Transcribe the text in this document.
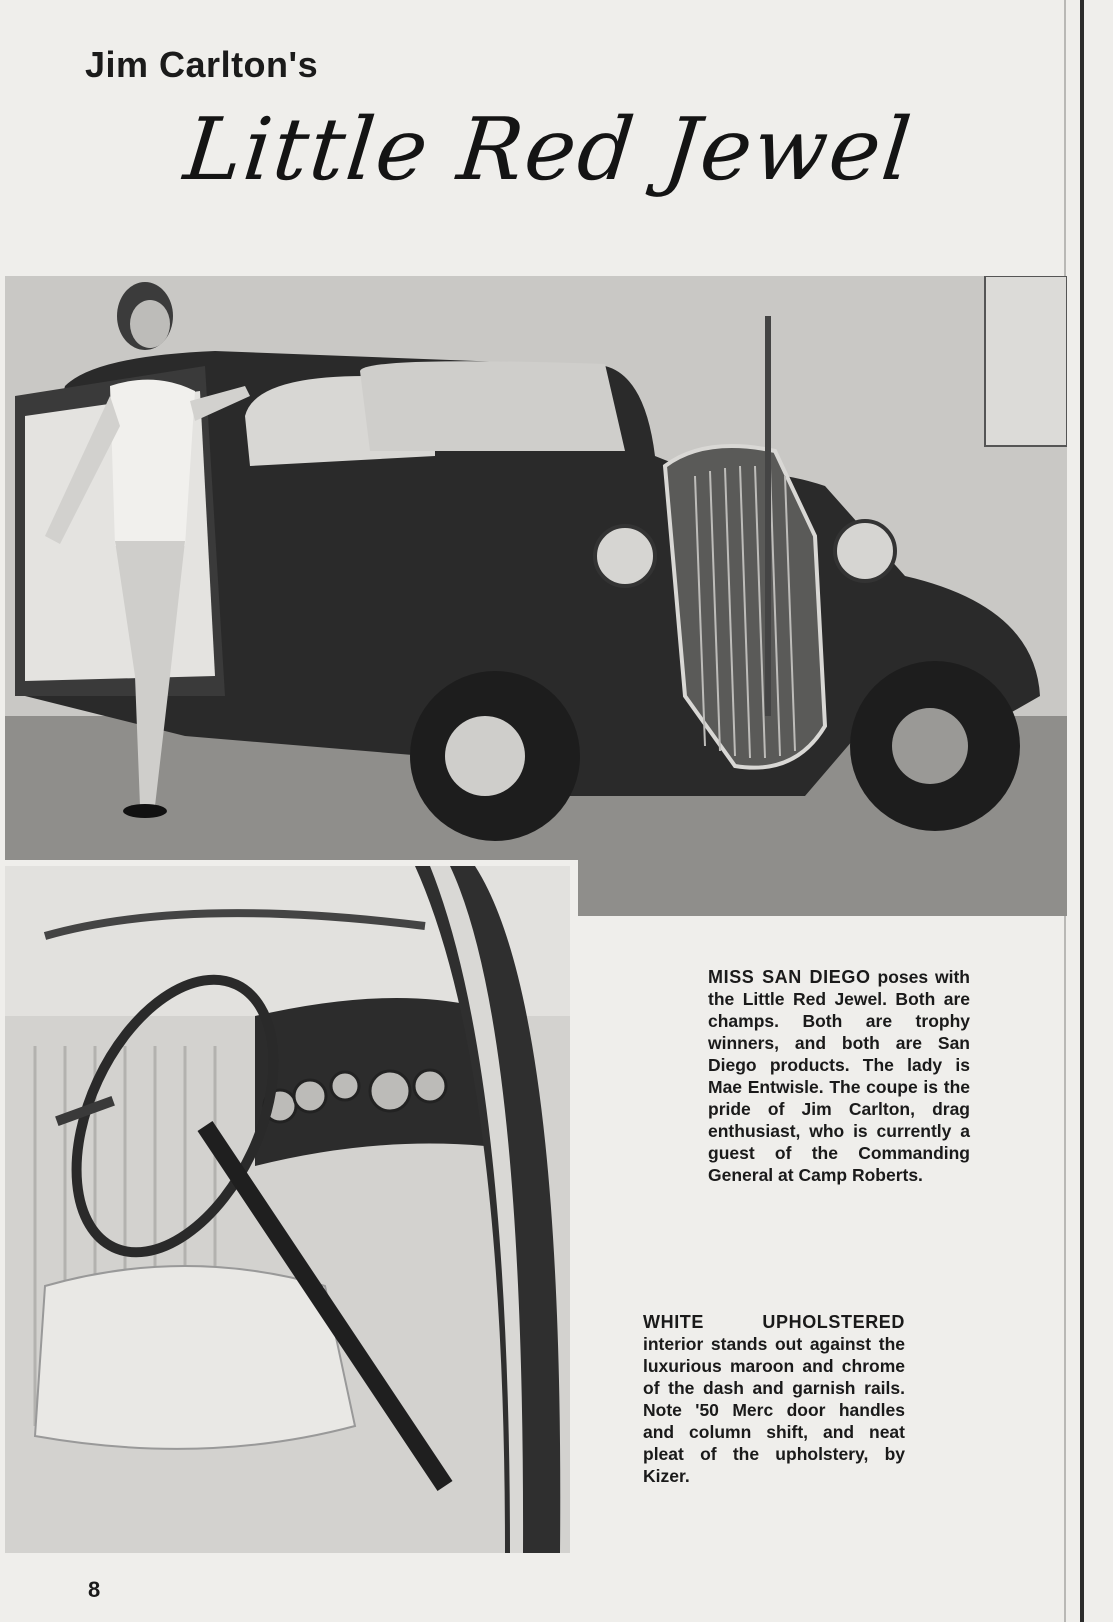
Jim Carlton's
Little Red Jewel
MISS SAN DIEGO poses with the Little Red Jewel. Both are champs. Both are trophy winners, and both are San Diego products. The lady is Mae Entwisle. The coupe is the pride of Jim Carlton, drag enthusiast, who is currently a guest of the Commanding General at Camp Roberts.
WHITE UPHOLSTERED interior stands out against the luxurious maroon and chrome of the dash and garnish rails. Note '50 Merc door handles and column shift, and neat pleat of the upholstery, by Kizer.
8
